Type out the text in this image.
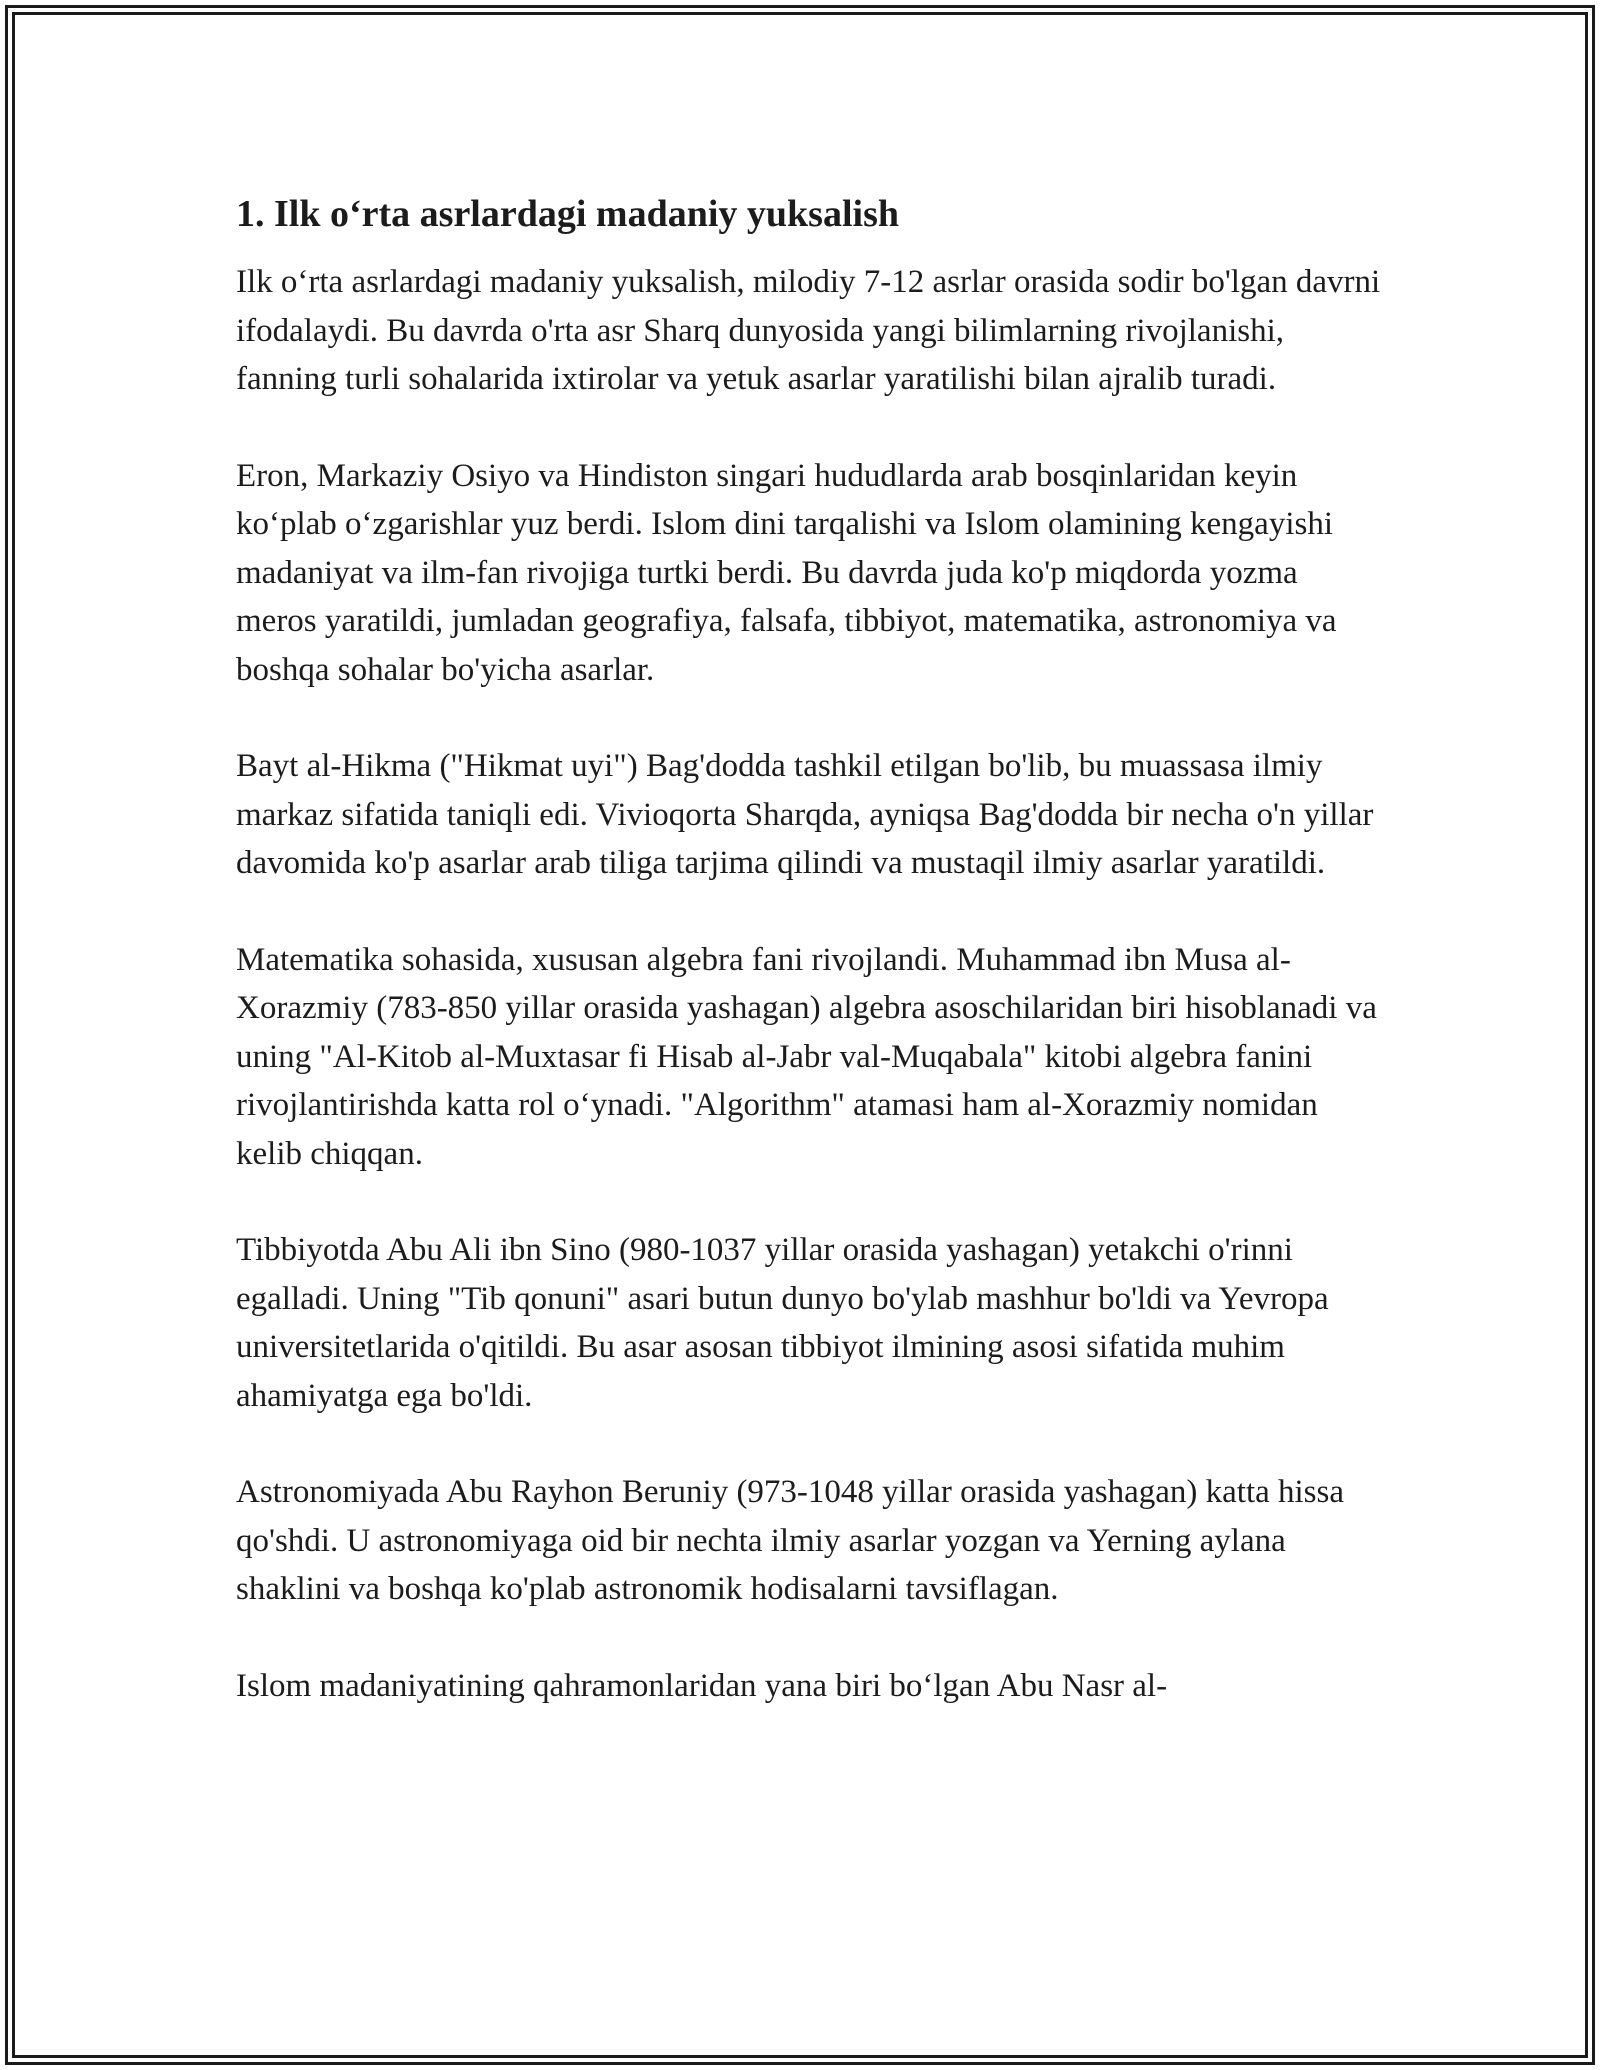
1. Ilk o‘rta asrlardagi madaniy yuksalish

Ilk o‘rta asrlardagi madaniy yuksalish, milodiy 7-12 asrlar orasida sodir bo'lgan davrni ifodalaydi. Bu davrda o'rta asr Sharq dunyosida yangi bilimlarning rivojlanishi, fanning turli sohalarida ixtirolar va yetuk asarlar yaratilishi bilan ajralib turadi.

Eron, Markaziy Osiyo va Hindiston singari hududlarda arab bosqinlaridan keyin ko‘plab o‘zgarishlar yuz berdi. Islom dini tarqalishi va Islom olamining kengayishi madaniyat va ilm-fan rivojiga turtki berdi. Bu davrda juda ko'p miqdorda yozma meros yaratildi, jumladan geografiya, falsafa, tibbiyot, matematika, astronomiya va boshqa sohalar bo'yicha asarlar.

Bayt al-Hikma ("Hikmat uyi") Bag'dodda tashkil etilgan bo'lib, bu muassasa ilmiy markaz sifatida taniqli edi. Vivioqorta Sharqda, ayniqsa Bag'dodda bir necha o'n yillar davomida ko'p asarlar arab tiliga tarjima qilindi va mustaqil ilmiy asarlar yaratildi.

Matematika sohasida, xususan algebra fani rivojlandi. Muhammad ibn Musa al-Xorazmiy (783-850 yillar orasida yashagan) algebra asoschilaridan biri hisoblanadi va uning "Al-Kitob al-Muxtasar fi Hisab al-Jabr val-Muqabala" kitobi algebra fanini rivojlantirishda katta rol o‘ynadi. "Algorithm" atamasi ham al-Xorazmiy nomidan kelib chiqqan.

Tibbiyotda Abu Ali ibn Sino (980-1037 yillar orasida yashagan) yetakchi o'rinni egalladi. Uning "Tib qonuni" asari butun dunyo bo'ylab mashhur bo'ldi va Yevropa universitetlarida o'qitildi. Bu asar asosan tibbiyot ilmining asosi sifatida muhim ahamiyatga ega bo'ldi.

Astronomiyada Abu Rayhon Beruniy (973-1048 yillar orasida yashagan) katta hissa qo'shdi. U astronomiyaga oid bir nechta ilmiy asarlar yozgan va Yerning aylana shaklini va boshqa ko'plab astronomik hodisalarni tavsiflagan.

Islom madaniyatining qahramonlaridan yana biri bo‘lgan Abu Nasr al-
